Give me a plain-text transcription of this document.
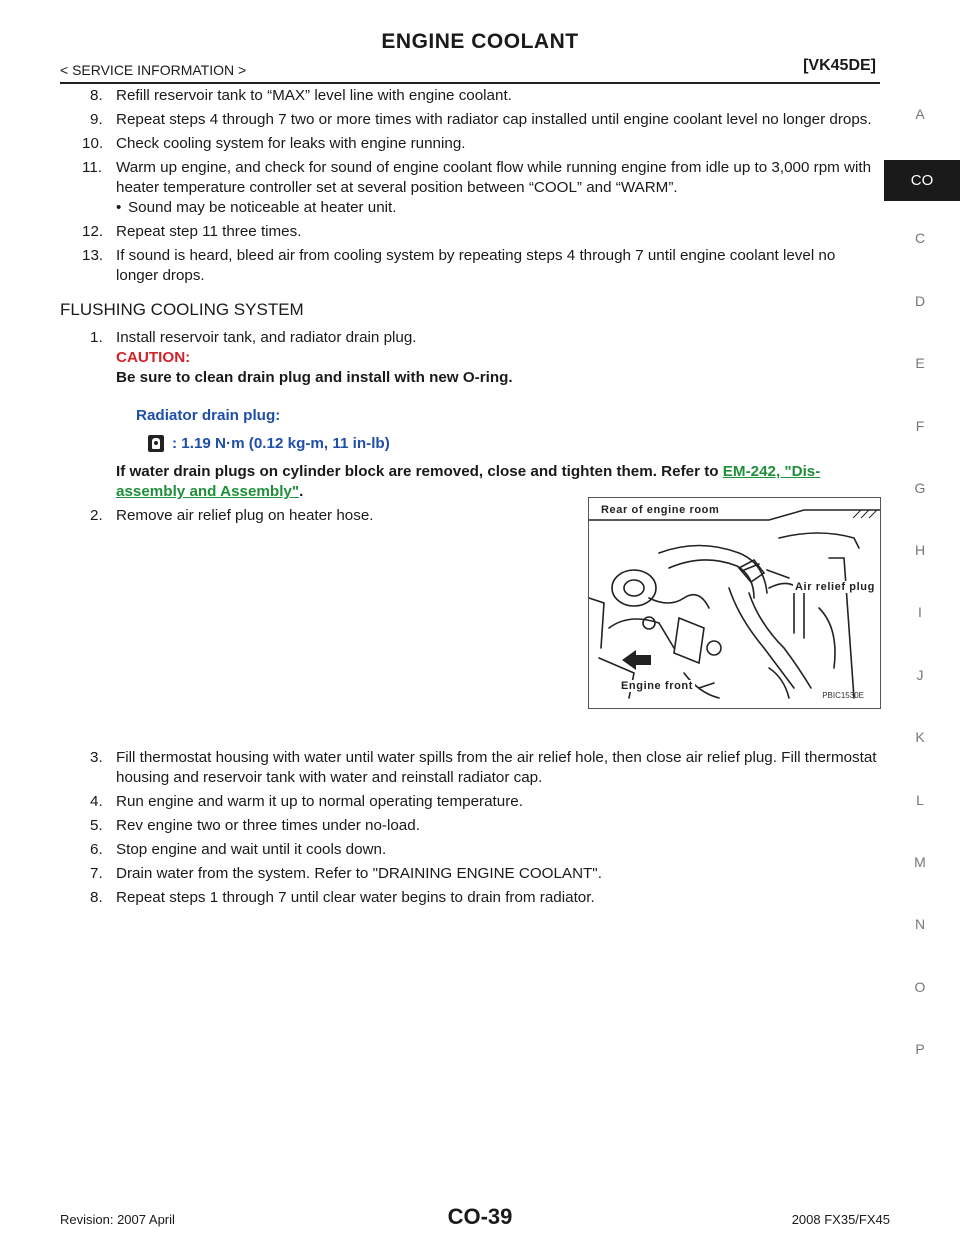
ENGINE COOLANT
< SERVICE INFORMATION >	[VK45DE]
A
CO
C
D
E
F
G
H
I
J
K
L
M
N
O
P
8. Refill reservoir tank to “MAX” level line with engine coolant.
9. Repeat steps 4 through 7 two or more times with radiator cap installed until engine coolant level no longer drops.
10. Check cooling system for leaks with engine running.
11. Warm up engine, and check for sound of engine coolant flow while running engine from idle up to 3,000 rpm with heater temperature controller set at several position between “COOL” and “WARM”.
• Sound may be noticeable at heater unit.
12. Repeat step 11 three times.
13. If sound is heard, bleed air from cooling system by repeating steps 4 through 7 until engine coolant level no longer drops.
FLUSHING COOLING SYSTEM
1. Install reservoir tank, and radiator drain plug.
CAUTION:
Be sure to clean drain plug and install with new O-ring.
Radiator drain plug:
: 1.19 N·m (0.12 kg-m, 11 in-lb)
If water drain plugs on cylinder block are removed, close and tighten them. Refer to EM-242, "Dis-assembly and Assembly".
2. Remove air relief plug on heater hose.
3. Fill thermostat housing with water until water spills from the air relief hole, then close air relief plug. Fill thermostat housing and reservoir tank with water and reinstall radiator cap.
4. Run engine and warm it up to normal operating temperature.
5. Rev engine two or three times under no-load.
6. Stop engine and wait until it cools down.
7. Drain water from the system. Refer to "DRAINING ENGINE COOLANT".
8. Repeat steps 1 through 7 until clear water begins to drain from radiator.
Rear of engine room
Air relief plug
Engine front
PBIC1530E
Revision: 2007 April	CO-39	2008 FX35/FX45
